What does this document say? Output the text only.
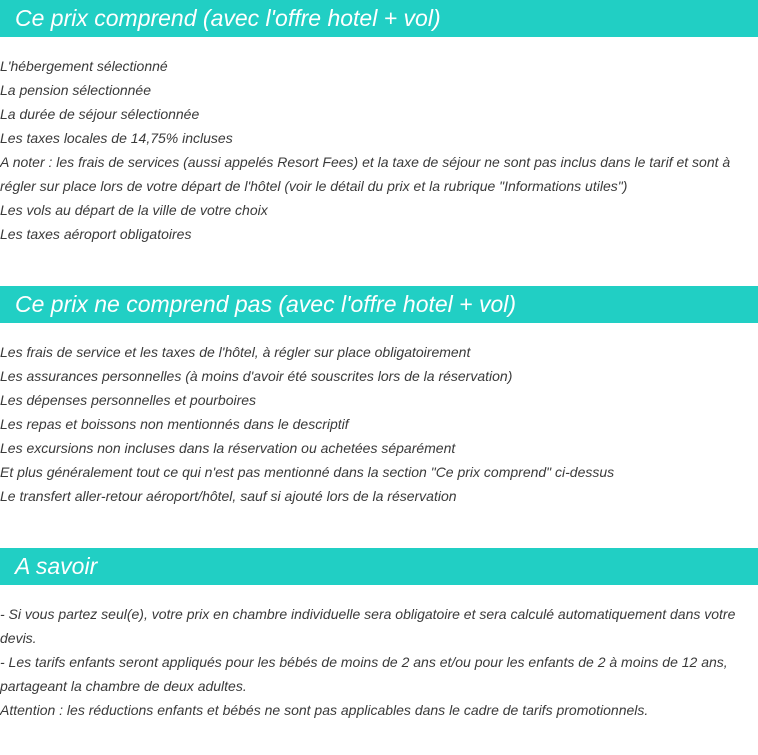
Ce prix comprend (avec l'offre hotel + vol)
L'hébergement sélectionné
La pension sélectionnée
La durée de séjour sélectionnée
Les taxes locales de 14,75% incluses
A noter : les frais de services (aussi appelés Resort Fees) et la taxe de séjour ne sont pas inclus dans le tarif et sont à régler sur place lors de votre départ de l'hôtel (voir le détail du prix et la rubrique "Informations utiles")
Les vols au départ de la ville de votre choix
Les taxes aéroport obligatoires
Ce prix ne comprend pas (avec l'offre hotel + vol)
Les frais de service et les taxes de l'hôtel, à régler sur place obligatoirement
Les assurances personnelles (à moins d'avoir été souscrites lors de la réservation)
Les dépenses personnelles et pourboires
Les repas et boissons non mentionnés dans le descriptif
Les excursions non incluses dans la réservation ou achetées séparément
Et plus généralement tout ce qui n'est pas mentionné dans la section "Ce prix comprend" ci-dessus
Le transfert aller-retour aéroport/hôtel, sauf si ajouté lors de la réservation
A savoir
- Si vous partez seul(e), votre prix en chambre individuelle sera obligatoire et sera calculé automatiquement dans votre devis.
- Les tarifs enfants seront appliqués pour les bébés de moins de 2 ans et/ou pour les enfants de 2 à moins de 12 ans, partageant la chambre de deux adultes.
Attention : les réductions enfants et bébés ne sont pas applicables dans le cadre de tarifs promotionnels.
